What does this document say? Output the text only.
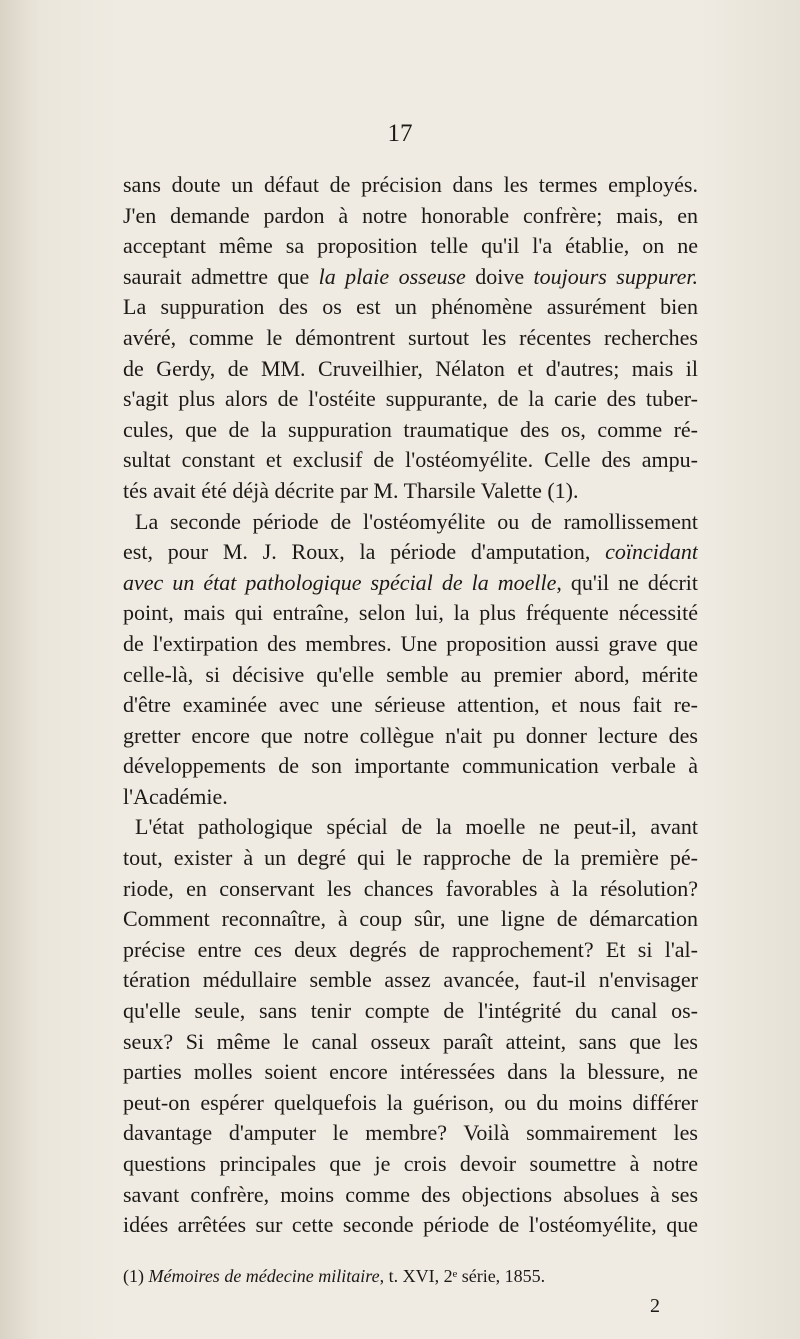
17
sans doute un défaut de précision dans les termes employés.
J'en demande pardon à notre honorable confrère; mais, en
acceptant même sa proposition telle qu'il l'a établie, on ne
saurait admettre que la plaie osseuse doive toujours suppurer.
La suppuration des os est un phénomène assurément bien
avéré, comme le démontrent surtout les récentes recherches
de Gerdy, de MM. Cruveilhier, Nélaton et d'autres; mais il
s'agit plus alors de l'ostéite suppurante, de la carie des tuber-
cules, que de la suppuration traumatique des os, comme ré-
sultat constant et exclusif de l'ostéomyélite. Celle des ampu-
tés avait été déjà décrite par M. Tharsile Valette (1).
La seconde période de l'ostéomyélite ou de ramollissement
est, pour M. J. Roux, la période d'amputation, coïncidant
avec un état pathologique spécial de la moelle, qu'il ne décrit
point, mais qui entraîne, selon lui, la plus fréquente nécessité
de l'extirpation des membres. Une proposition aussi grave que
celle-là, si décisive qu'elle semble au premier abord, mérite
d'être examinée avec une sérieuse attention, et nous fait re-
gretter encore que notre collègue n'ait pu donner lecture des
développements de son importante communication verbale à
l'Académie.
L'état pathologique spécial de la moelle ne peut-il, avant
tout, exister à un degré qui le rapproche de la première pé-
riode, en conservant les chances favorables à la résolution?
Comment reconnaître, à coup sûr, une ligne de démarcation
précise entre ces deux degrés de rapprochement? Et si l'al-
tération médullaire semble assez avancée, faut-il n'envisager
qu'elle seule, sans tenir compte de l'intégrité du canal os-
seux? Si même le canal osseux paraît atteint, sans que les
parties molles soient encore intéressées dans la blessure, ne
peut-on espérer quelquefois la guérison, ou du moins différer
davantage d'amputer le membre? Voilà sommairement les
questions principales que je crois devoir soumettre à notre
savant confrère, moins comme des objections absolues à ses
idées arrêtées sur cette seconde période de l'ostéomyélite, que
(1) Mémoires de médecine militaire, t. XVI, 2ᵉ série, 1855.
2
